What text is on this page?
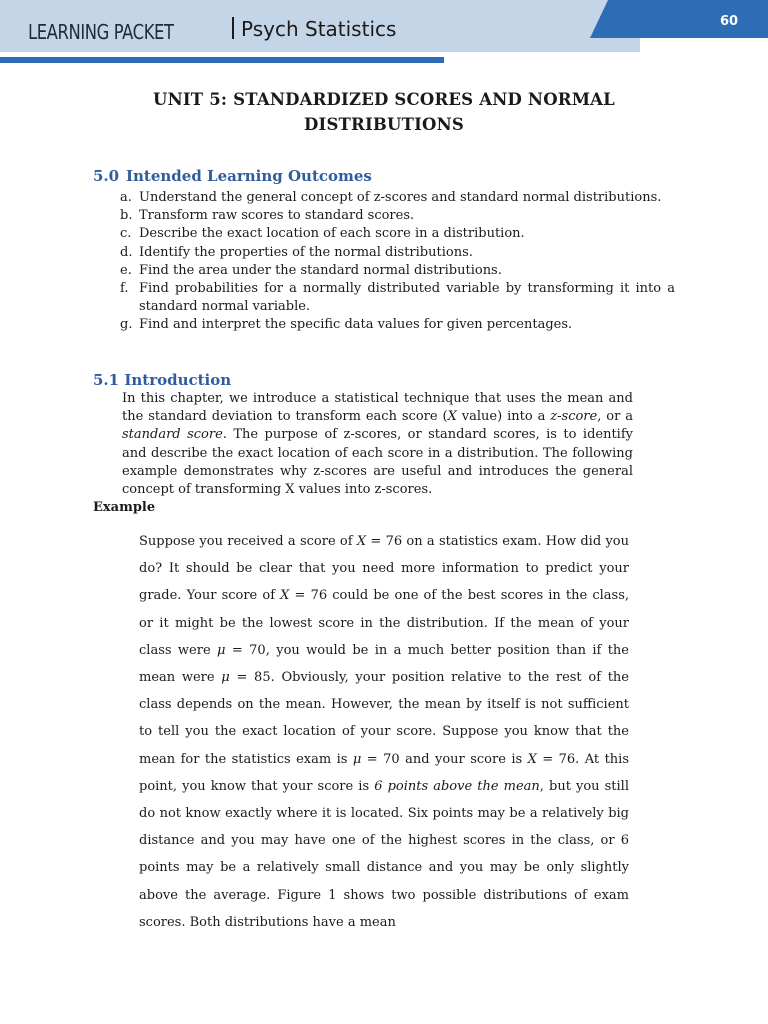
LEARNING PACKET	Psych Statistics	60
UNIT 5: STANDARDIZED SCORES AND NORMAL
DISTRIBUTIONS
5.0 Intended Learning Outcomes
a. Understand the general concept of z-scores and standard normal distributions.
b. Transform raw scores to standard scores.
c. Describe the exact location of each score in a distribution.
d. Identify the properties of the normal distributions.
e. Find the area under the standard normal distributions.
f. Find probabilities for a normally distributed variable by transforming it into a standard normal variable.
g. Find and interpret the specific data values for given percentages.
5.1 Introduction

In this chapter, we introduce a statistical technique that uses the mean and the standard deviation to transform each score (X value) into a z-score, or a standard score. The purpose of z-scores, or standard scores, is to identify and describe the exact location of each score in a distribution. The following example demonstrates why z-scores are useful and introduces the general concept of transforming X values into z-scores.

Example

Suppose you received a score of X = 76 on a statistics exam. How did you do? It should be clear that you need more information to predict your grade. Your score of X = 76 could be one of the best scores in the class, or it might be the lowest score in the distribution. If the mean of your class were μ = 70, you would be in a much better position than if the mean were μ = 85. Obviously, your position relative to the rest of the class depends on the mean. However, the mean by itself is not sufficient to tell you the exact location of your score. Suppose you know that the mean for the statistics exam is μ = 70 and your score is X = 76. At this point, you know that your score is 6 points above the mean, but you still do not know exactly where it is located. Six points may be a relatively big distance and you may have one of the highest scores in the class, or 6 points may be a relatively small distance and you may be only slightly above the average. Figure 1 shows two possible distributions of exam scores. Both distributions have a mean
